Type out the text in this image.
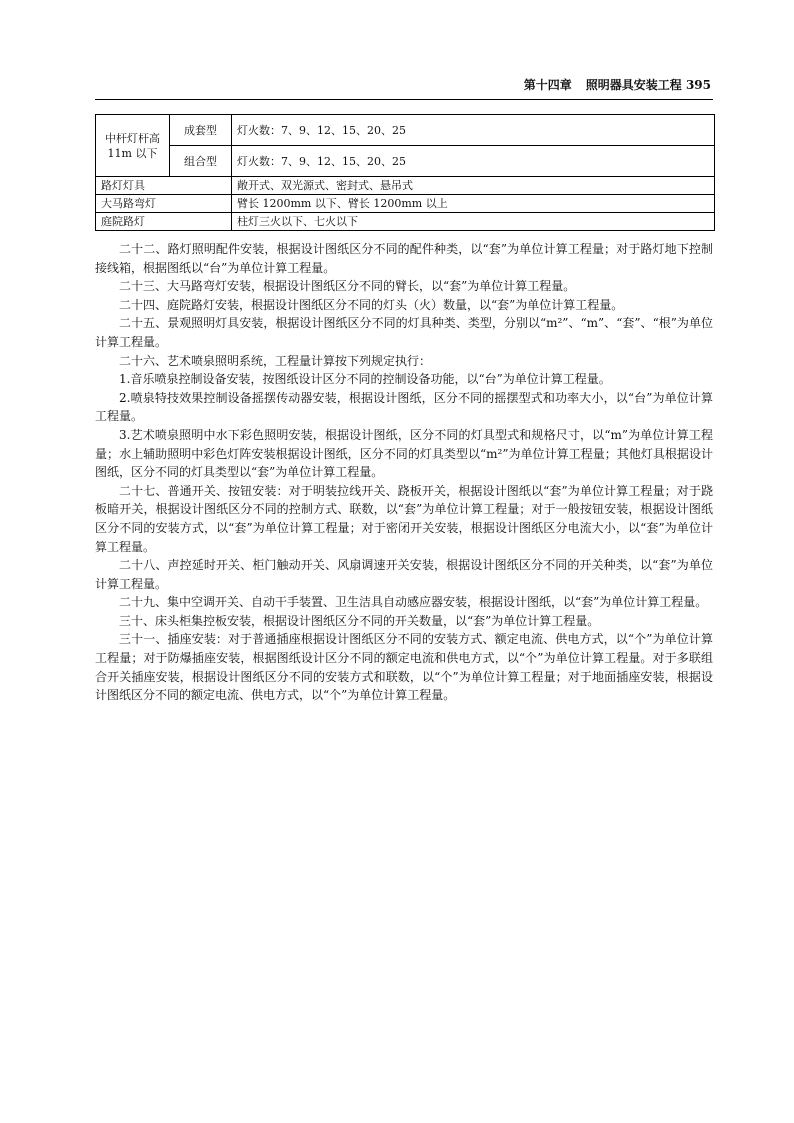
第十四章 照明器具安装工程 395
中杆灯杆高 11m 以下	成套型	灯火数：7、9、12、15、20、25
	组合型	灯火数：7、9、12、15、20、25
路灯灯具		敞开式、双光源式、密封式、悬吊式
大马路弯灯		臂长 1200mm 以下、臂长 1200mm 以上
庭院路灯		柱灯三火以下、七火以下

二十二、路灯照明配件安装，根据设计图纸区分不同的配件种类，以“套”为单位计算工程量；对于路灯地下控制接线箱，根据图纸以“台”为单位计算工程量。

二十三、大马路弯灯安装，根据设计图纸区分不同的臂长，以“套”为单位计算工程量。

二十四、庭院路灯安装，根据设计图纸区分不同的灯头（火）数量，以“套”为单位计算工程量。

二十五、景观照明灯具安装，根据设计图纸区分不同的灯具种类、类型，分别以“m²”、“m”、“套”、“根”为单位计算工程量。

二十六、艺术喷泉照明系统，工程量计算按下列规定执行：

1.音乐喷泉控制设备安装，按图纸设计区分不同的控制设备功能，以“台”为单位计算工程量。

2.喷泉特技效果控制设备摇摆传动器安装，根据设计图纸，区分不同的摇摆型式和功率大小，以“台”为单位计算工程量。

3.艺术喷泉照明中水下彩色照明安装，根据设计图纸，区分不同的灯具型式和规格尺寸，以“m”为单位计算工程量；水上辅助照明中彩色灯阵安装根据设计图纸，区分不同的灯具类型以“m²”为单位计算工程量；其他灯具根据设计图纸，区分不同的灯具类型以“套”为单位计算工程量。

二十七、普通开关、按钮安装：对于明装拉线开关、跷板开关，根据设计图纸以“套”为单位计算工程量；对于跷板暗开关，根据设计图纸区分不同的控制方式、联数，以“套”为单位计算工程量；对于一般按钮安装，根据设计图纸区分不同的安装方式，以“套”为单位计算工程量；对于密闭开关安装，根据设计图纸区分电流大小，以“套”为单位计算工程量。

二十八、声控延时开关、柜门触动开关、风扇调速开关安装，根据设计图纸区分不同的开关种类，以“套”为单位计算工程量。

二十九、集中空调开关、自动干手装置、卫生洁具自动感应器安装，根据设计图纸，以“套”为单位计算工程量。

三十、床头柜集控板安装，根据设计图纸区分不同的开关数量，以“套”为单位计算工程量。

三十一、插座安装：对于普通插座根据设计图纸区分不同的安装方式、额定电流、供电方式，以“个”为单位计算工程量；对于防爆插座安装，根据图纸设计区分不同的额定电流和供电方式，以“个”为单位计算工程量。对于多联组合开关插座安装，根据设计图纸区分不同的安装方式和联数，以“个”为单位计算工程量；对于地面插座安装，根据设计图纸区分不同的额定电流、供电方式，以“个”为单位计算工程量。
